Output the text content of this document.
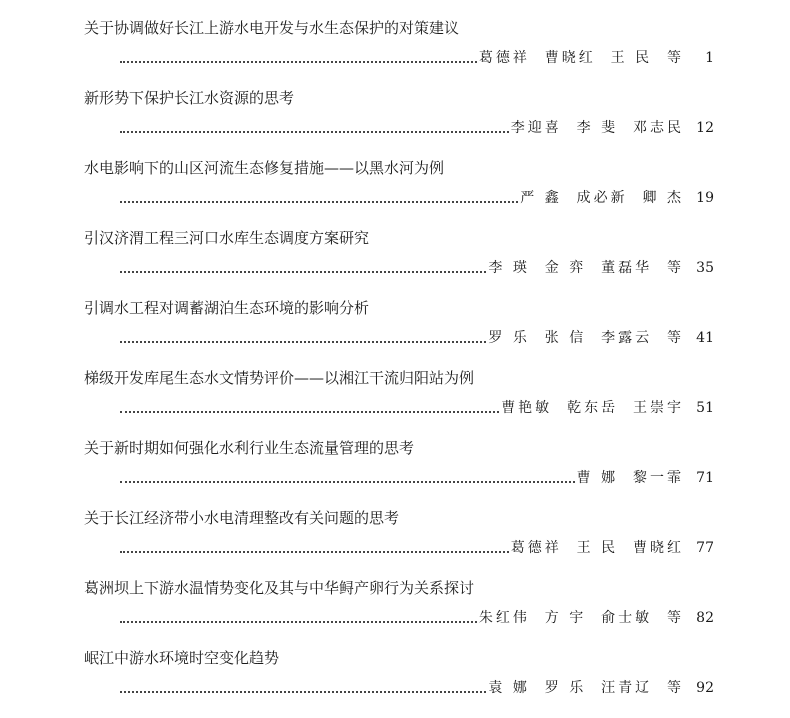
关于协调做好长江上游水电开发与水生态保护的对策建议
葛德祥  曹晓红  王 民  等	1
新形势下保护长江水资源的思考
李迎喜  李 斐  邓志民 12
水电影响下的山区河流生态修复措施——以黑水河为例
严 鑫  成必新  卿 杰 19
引汉济渭工程三河口水库生态调度方案研究
李 瑛  金 弈  董磊华  等 35
引调水工程对调蓄湖泊生态环境的影响分析
罗 乐  张 信  李露云  等 41
梯级开发库尾生态水文情势评价——以湘江干流归阳站为例
曹艳敏  乾东岳  王崇宇 51
关于新时期如何强化水利行业生态流量管理的思考
曹 娜  黎一霏 71
关于长江经济带小水电清理整改有关问题的思考
葛德祥  王 民  曹晓红 77
葛洲坝上下游水温情势变化及其与中华鲟产卵行为关系探讨
朱红伟  方 宇  俞士敏  等 82
岷江中游水环境时空变化趋势
袁 娜  罗 乐  汪青辽  等 92
